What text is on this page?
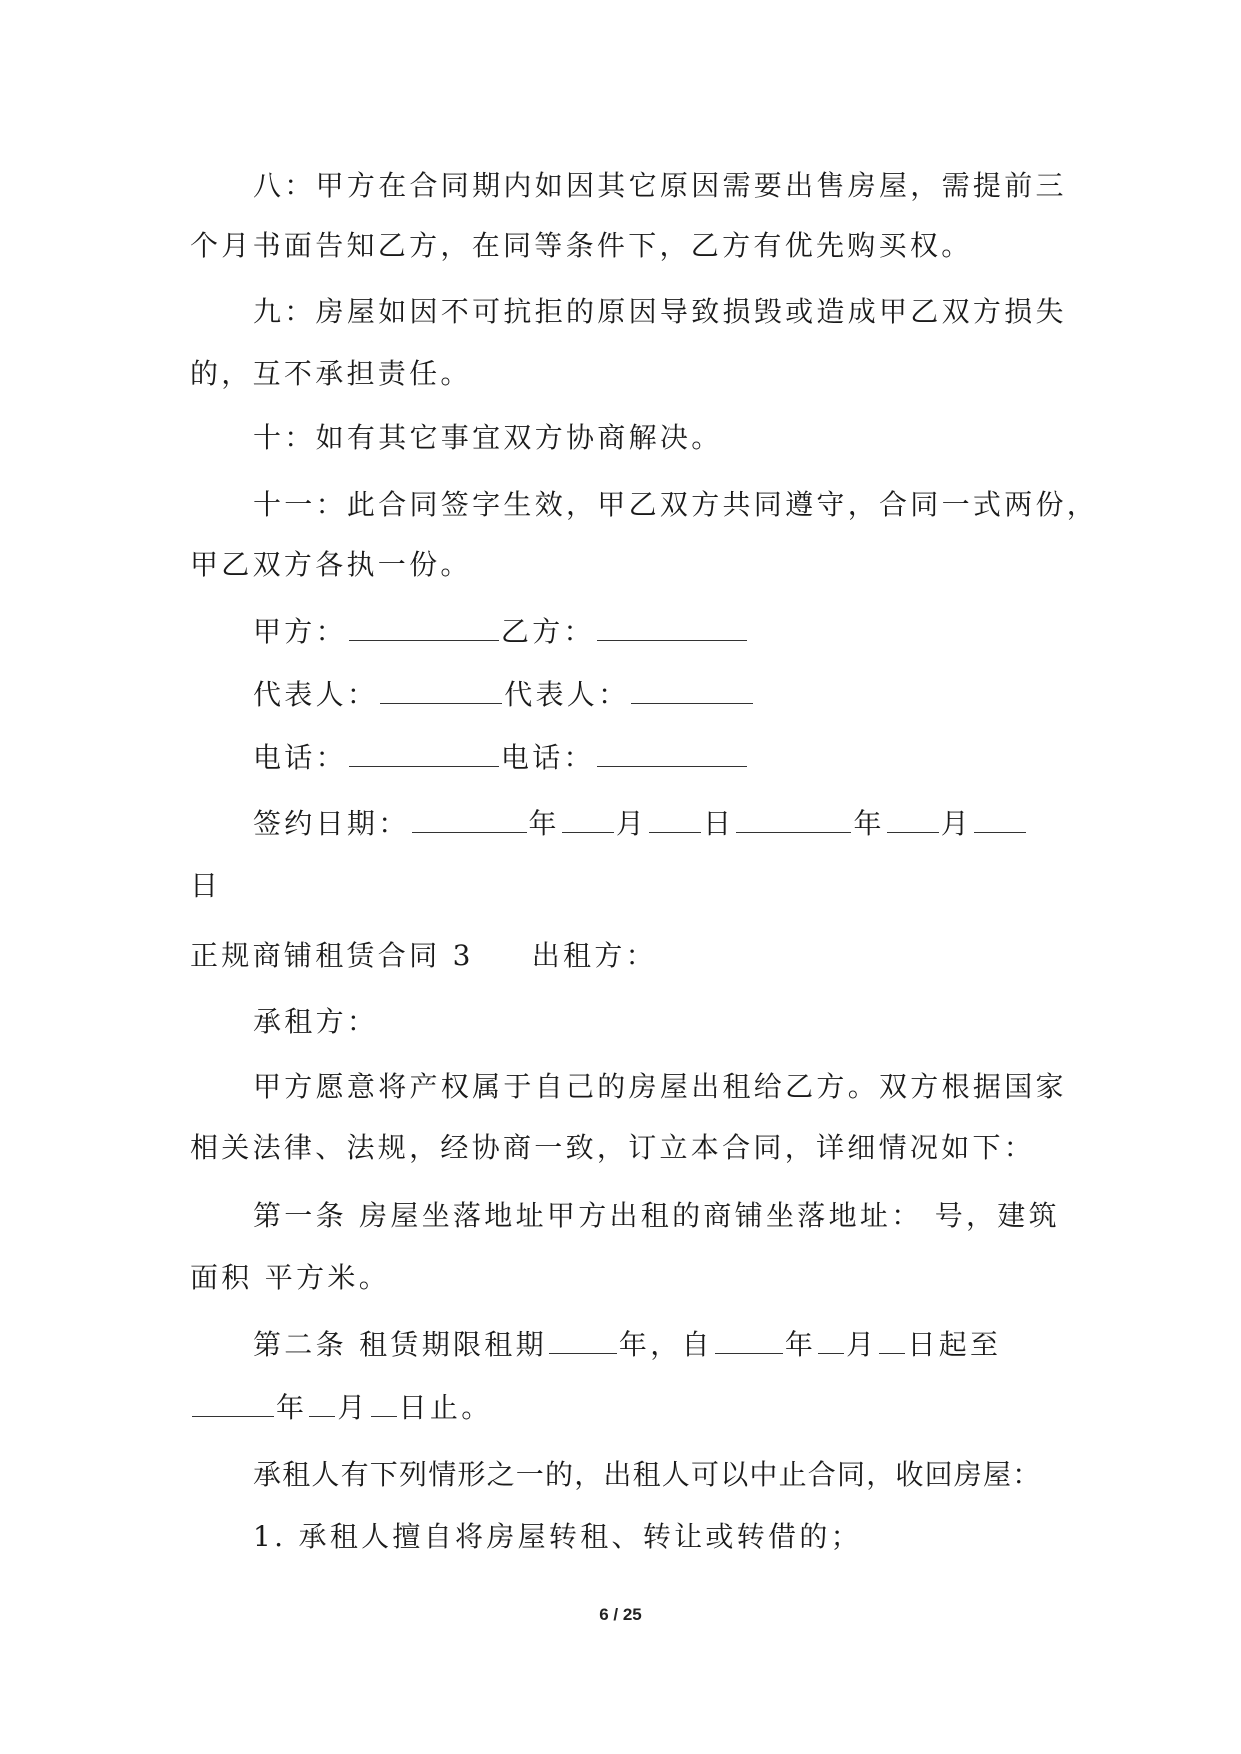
八：甲方在合同期内如因其它原因需要出售房屋，需提前三
个月书面告知乙方，在同等条件下，乙方有优先购买权。
九：房屋如因不可抗拒的原因导致损毁或造成甲乙双方损失
的，互不承担责任。
十：如有其它事宜双方协商解决。
十一：此合同签字生效，甲乙双方共同遵守，合同一式两份，
甲乙双方各执一份。
甲方：	乙方：
代表人：	代表人：
电话：	电话：
签约日期：	年 月 日	年 月
日
正规商铺租赁合同 3 出租方：
承租方：
甲方愿意将产权属于自己的房屋出租给乙方。双方根据国家
相关法律、法规，经协商一致，订立本合同，详细情况如下：
第一条 房屋坐落地址甲方出租的商铺坐落地址： 号，建筑
面积 平方米。
第二条 租赁期限租期	年，自	年 月 日起至
年 月 日止。
承租人有下列情形之一的，出租人可以中止合同，收回房屋：
1. 承租人擅自将房屋转租、转让或转借的；
6 / 25
